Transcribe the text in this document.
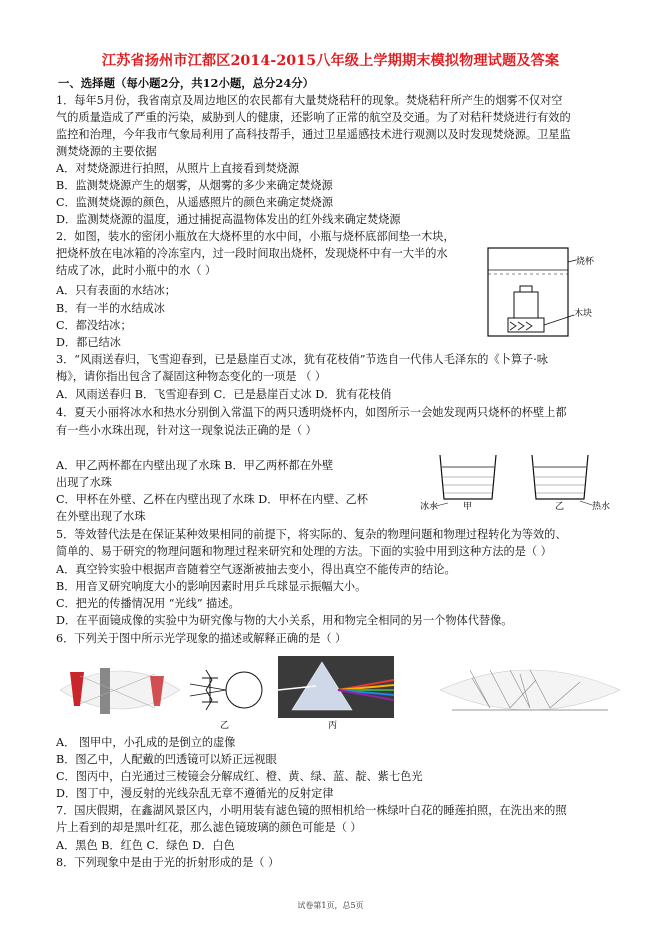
江苏省扬州市江都区2014-2015八年级上学期期末模拟物理试题及答案
一、选择题（每小题2分，共12小题，总分24分）
1．每年5月份，我省南京及周边地区的农民都有大量焚烧秸秆的现象。焚烧秸秆所产生的烟雾不仅对空
气的质量造成了严重的污染，威胁到人的健康，还影响了正常的航空及交通。为了对秸秆焚烧进行有效的
监控和治理，今年我市气象局利用了高科技帮手，通过卫星遥感技术进行观测以及时发现焚烧源。卫星监
测焚烧源的主要依据
A．对焚烧源进行拍照，从照片上直接看到焚烧源
B．监测焚烧源产生的烟雾，从烟雾的多少来确定焚烧源
C．监测焚烧源的颜色，从遥感照片的颜色来确定焚烧源
D．监测焚烧源的温度，通过捕捉高温物体发出的红外线来确定焚烧源
2．如图，装水的密闭小瓶放在大烧杯里的水中间，小瓶与烧杯底部间垫一木块，
把烧杯放在电冰箱的冷冻室内，过一段时间取出烧杯，发现烧杯中有一大半的水
结成了冰，此时小瓶中的水（ ）
A．只有表面的水结冰；
B．有一半的水结成冰
C．都没结冰；
D．都已结冰
3．“风雨送春归，飞雪迎春到，已是悬崖百丈冰，犹有花枝俏”节选自一代伟人毛泽东的《卜算子·咏
梅》，请你指出包含了凝固这种物态变化的一项是 （ ）
A．风雨送春归 B．飞雪迎春到 C．已是悬崖百丈冰 D．犹有花枝俏
4．夏天小丽将冰水和热水分别倒入常温下的两只透明烧杯内，如图所示一会她发现两只烧杯的杯壁上都
有一些小水珠出现，针对这一现象说法正确的是（ ）
A．甲乙两杯都在内壁出现了水珠 B．甲乙两杯都在外壁
出现了水珠
C．甲杯在外壁、乙杯在内壁出现了水珠 D．甲杯在内壁、乙杯
在外壁出现了水珠
5．等效替代法是在保证某种效果相同的前提下，将实际的、复杂的物理问题和物理过程转化为等效的、
简单的、易于研究的物理问题和物理过程来研究和处理的方法。下面的实验中用到这种方法的是（ ）
A．真空铃实验中根据声音随着空气逐渐被抽去变小，得出真空不能传声的结论。
B．用音叉研究响度大小的影响因素时用乒乓球显示振幅大小。
C．把光的传播情况用 “光线” 描述。
D．在平面镜成像的实验中为研究像与物的大小关系，用和物完全相同的另一个物体代替像。
6．下列关于图中所示光学现象的描述或解释正确的是（ ）
A． 图甲中，小孔成的是倒立的虚像
B．图乙中，人配戴的凹透镜可以矫正远视眼
C．图丙中，白光通过三棱镜会分解成红、橙、黄、绿、蓝、靛、紫七色光
D．图丁中，漫反射的光线杂乱无章不遵循光的反射定律
7．国庆假期，在鑫湖风景区内，小明用装有滤色镜的照相机给一株绿叶白花的睡莲拍照，在洗出来的照
片上看到的却是黑叶红花，那么滤色镜玻璃的颜色可能是（ ）
A．黑色 B．红色 C．绿色 D．白色
8．下列现象中是由于光的折射形成的是（ ）
烧杯
木块
冰水	甲	乙	热水
乙	丙
试卷第1页，总5页
